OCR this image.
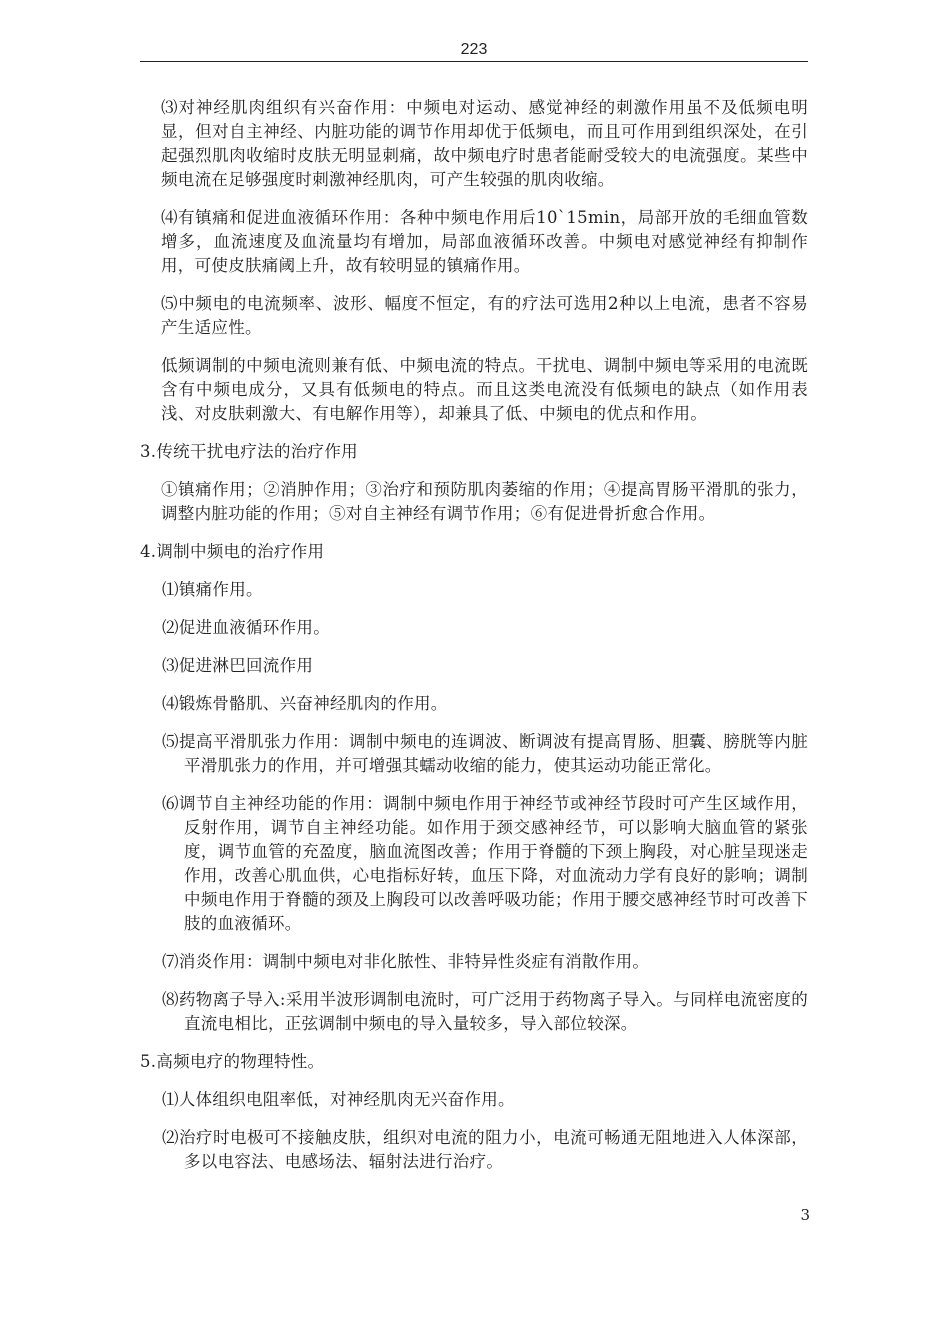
223

⑶对神经肌肉组织有兴奋作用：中频电对运动、感觉神经的刺激作用虽不及低频电明显，但对自主神经、内脏功能的调节作用却优于低频电，而且可作用到组织深处，在引起强烈肌肉收缩时皮肤无明显刺痛，故中频电疗时患者能耐受较大的电流强度。某些中频电流在足够强度时刺激神经肌肉，可产生较强的肌肉收缩。

⑷有镇痛和促进血液循环作用：各种中频电作用后10`15min，局部开放的毛细血管数增多，血流速度及血流量均有增加，局部血液循环改善。中频电对感觉神经有抑制作用，可使皮肤痛阈上升，故有较明显的镇痛作用。

⑸中频电的电流频率、波形、幅度不恒定，有的疗法可选用2种以上电流，患者不容易产生适应性。

低频调制的中频电流则兼有低、中频电流的特点。干扰电、调制中频电等采用的电流既含有中频电成分，又具有低频电的特点。而且这类电流没有低频电的缺点（如作用表浅、对皮肤刺激大、有电解作用等），却兼具了低、中频电的优点和作用。

3.传统干扰电疗法的治疗作用

①镇痛作用；②消肿作用；③治疗和预防肌肉萎缩的作用；④提高胃肠平滑肌的张力，调整内脏功能的作用；⑤对自主神经有调节作用；⑥有促进骨折愈合作用。

4.调制中频电的治疗作用

⑴镇痛作用。

⑵促进血液循环作用。

⑶促进淋巴回流作用

⑷锻炼骨骼肌、兴奋神经肌肉的作用。

⑸提高平滑肌张力作用：调制中频电的连调波、断调波有提高胃肠、胆囊、膀胱等内脏平滑肌张力的作用，并可增强其蠕动收缩的能力，使其运动功能正常化。

⑹调节自主神经功能的作用：调制中频电作用于神经节或神经节段时可产生区域作用，反射作用，调节自主神经功能。如作用于颈交感神经节，可以影响大脑血管的紧张度，调节血管的充盈度，脑血流图改善；作用于脊髓的下颈上胸段，对心脏呈现迷走作用，改善心肌血供，心电指标好转，血压下降，对血流动力学有良好的影响；调制中频电作用于脊髓的颈及上胸段可以改善呼吸功能；作用于腰交感神经节时可改善下肢的血液循环。

⑺消炎作用：调制中频电对非化脓性、非特异性炎症有消散作用。

⑻药物离子导入:采用半波形调制电流时，可广泛用于药物离子导入。与同样电流密度的直流电相比，正弦调制中频电的导入量较多，导入部位较深。

5.高频电疗的物理特性。

⑴人体组织电阻率低，对神经肌肉无兴奋作用。

⑵治疗时电极可不接触皮肤，组织对电流的阻力小，电流可畅通无阻地进入人体深部，多以电容法、电感场法、辐射法进行治疗。

3
